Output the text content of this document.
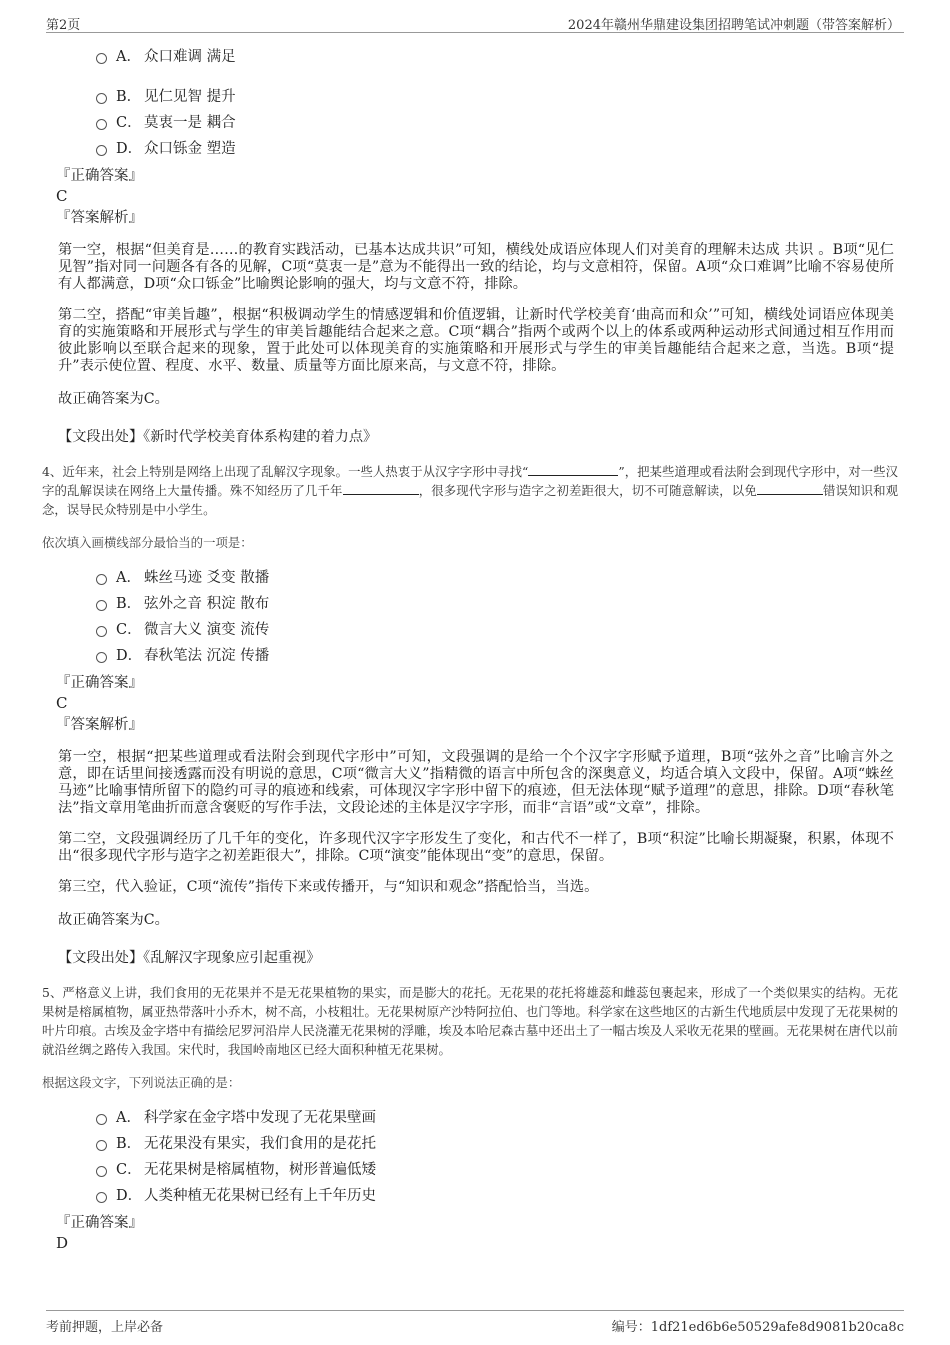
第2页	2024年赣州华鼎建设集团招聘笔试冲刺题（带答案解析）
A． 众口难调 满足
B． 见仁见智 提升
C． 莫衷一是 耦合
D． 众口铄金 塑造
『正确答案』
C
『答案解析』
第一空，根据“但美育是……的教育实践活动，已基本达成共识”可知，横线处成语应体现人们对美育的理解未达成 共识 。B项“见仁见智”指对同一问题各有各的见解，C项“莫衷一是”意为不能得出一致的结论，均与文意相符，保留。A项“众口难调”比喻不容易使所有人都满意，D项“众口铄金”比喻舆论影响的强大，均与文意不符，排除。
第二空，搭配“审美旨趣”，根据“积极调动学生的情感逻辑和价值逻辑，让新时代学校美育‘曲高而和众’”可知，横线处词语应体现美育的实施策略和开展形式与学生的审美旨趣能结合起来之意。C项“耦合”指两个或两个以上的体系或两种运动形式间通过相互作用而彼此影响以至联合起来的现象，置于此处可以体现美育的实施策略和开展形式与学生的审美旨趣能结合起来之意，当选。B项“提升”表示使位置、程度、水平、数量、质量等方面比原来高，与文意不符，排除。
故正确答案为C。
【文段出处】《新时代学校美育体系构建的着力点》
4、近年来，社会上特别是网络上出现了乱解汉字现象。一些人热衷于从汉字字形中寻找“	”，把某些道理或看法附会到现代字形中，对一些汉字的乱解误读在网络上大量传播。殊不知经历了几千年	，很多现代字形与造字之初差距很大，切不可随意解读，以免	错误知识和观念，误导民众特别是中小学生。
依次填入画横线部分最恰当的一项是：
A． 蛛丝马迹 爻变 散播
B． 弦外之音 积淀 散布
C． 微言大义 演变 流传
D． 春秋笔法 沉淀 传播
『正确答案』
C
『答案解析』
第一空，根据“把某些道理或看法附会到现代字形中”可知，文段强调的是给一个个汉字字形赋予道理，B项“弦外之音”比喻言外之意，即在话里间接透露而没有明说的意思，C项“微言大义”指精微的语言中所包含的深奥意义，均适合填入文段中，保留。A项“蛛丝马迹”比喻事情所留下的隐约可寻的痕迹和线索，可体现汉字字形中留下的痕迹，但无法体现“赋予道理”的意思，排除。D项“春秋笔法”指文章用笔曲折而意含褒贬的写作手法，文段论述的主体是汉字字形，而非“言语”或“文章”，排除。
第二空，文段强调经历了几千年的变化，许多现代汉字字形发生了变化，和古代不一样了，B项“积淀”比喻长期凝聚，积累，体现不出“很多现代字形与造字之初差距很大”，排除。C项“演变”能体现出“变”的意思，保留。
第三空，代入验证，C项“流传”指传下来或传播开，与“知识和观念”搭配恰当，当选。
故正确答案为C。
【文段出处】《乱解汉字现象应引起重视》
5、严格意义上讲，我们食用的无花果并不是无花果植物的果实，而是膨大的花托。无花果的花托将雄蕊和雌蕊包裹起来，形成了一个类似果实的结构。无花果树是榕属植物，属亚热带落叶小乔木，树不高，小枝粗壮。无花果树原产沙特阿拉伯、也门等地。科学家在这些地区的古新生代地质层中发现了无花果树的叶片印痕。古埃及金字塔中有描绘尼罗河沿岸人民浇灌无花果树的浮雕，埃及本哈尼森古墓中还出土了一幅古埃及人采收无花果的壁画。无花果树在唐代以前就沿丝绸之路传入我国。宋代时，我国岭南地区已经大面积种植无花果树。
根据这段文字，下列说法正确的是：
A． 科学家在金字塔中发现了无花果壁画
B． 无花果没有果实，我们食用的是花托
C． 无花果树是榕属植物，树形普遍低矮
D． 人类种植无花果树已经有上千年历史
『正确答案』
D
考前押题，上岸必备	编号：1df21ed6b6e50529afe8d9081b20ca8c
